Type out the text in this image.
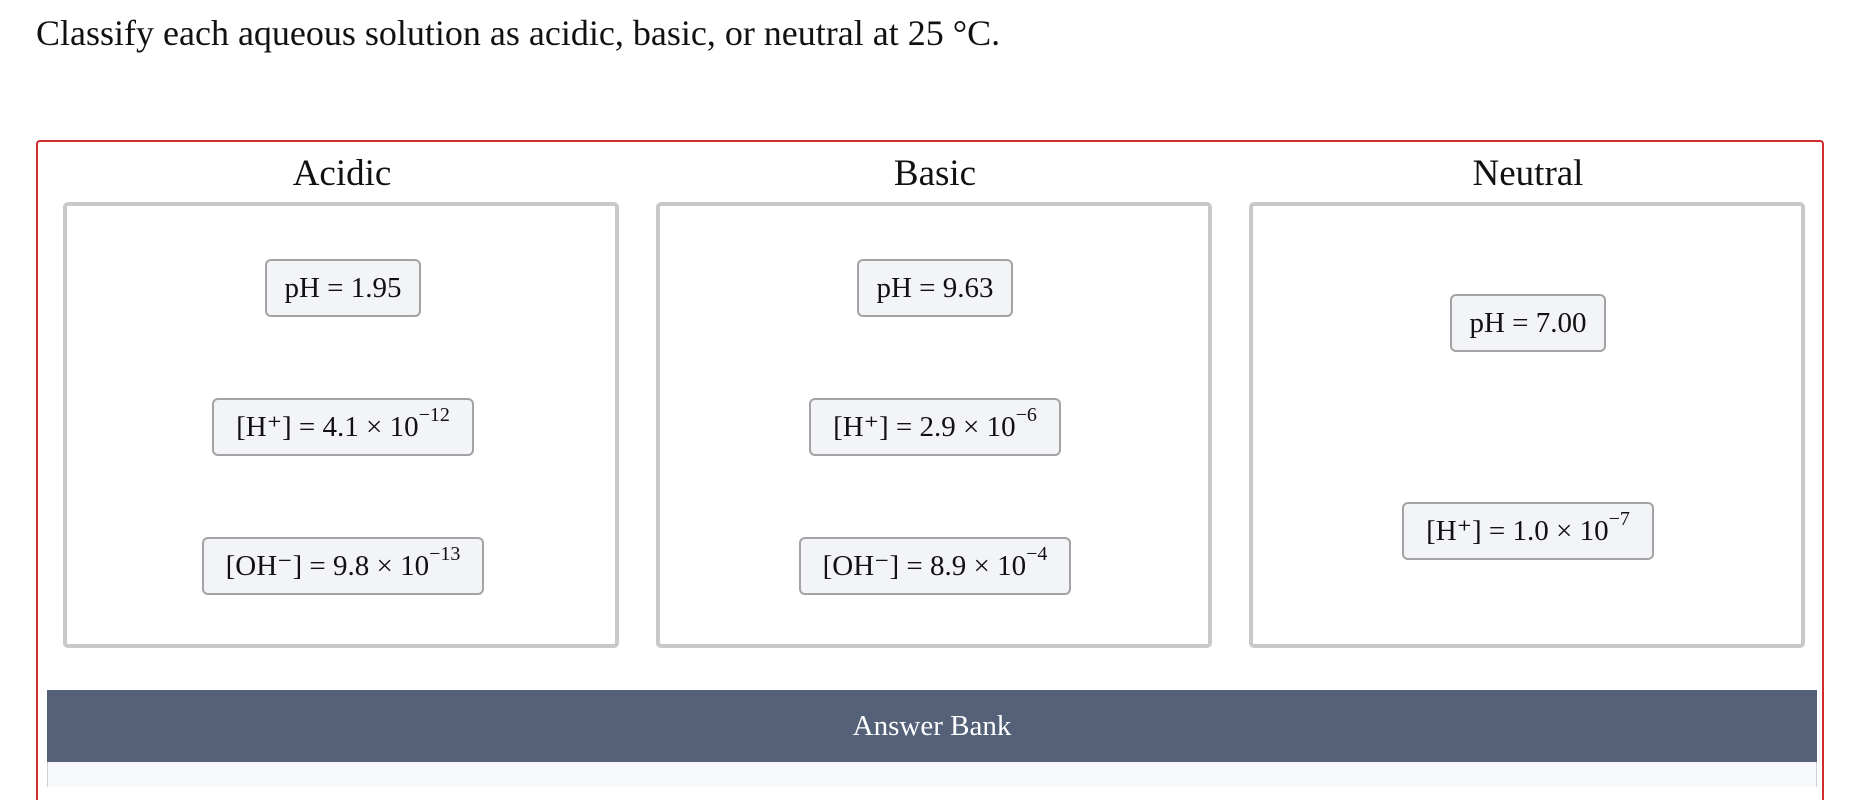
Classify each aqueous solution as acidic, basic, or neutral at 25 °C.

Acidic
pH = 1.95
$[H^+] = 4.1 \times 10^{-12}$
$[OH^-] = 9.8 \times 10^{-13}$
Basic
pH = 9.63
$[H^+] = 2.9 \times 10^{-6}$
$[OH^-] = 8.9 \times 10^{-4}$
Neutral
pH = 7.00
$[H^+] = 1.0 \times 10^{-7}$
Answer Bank
